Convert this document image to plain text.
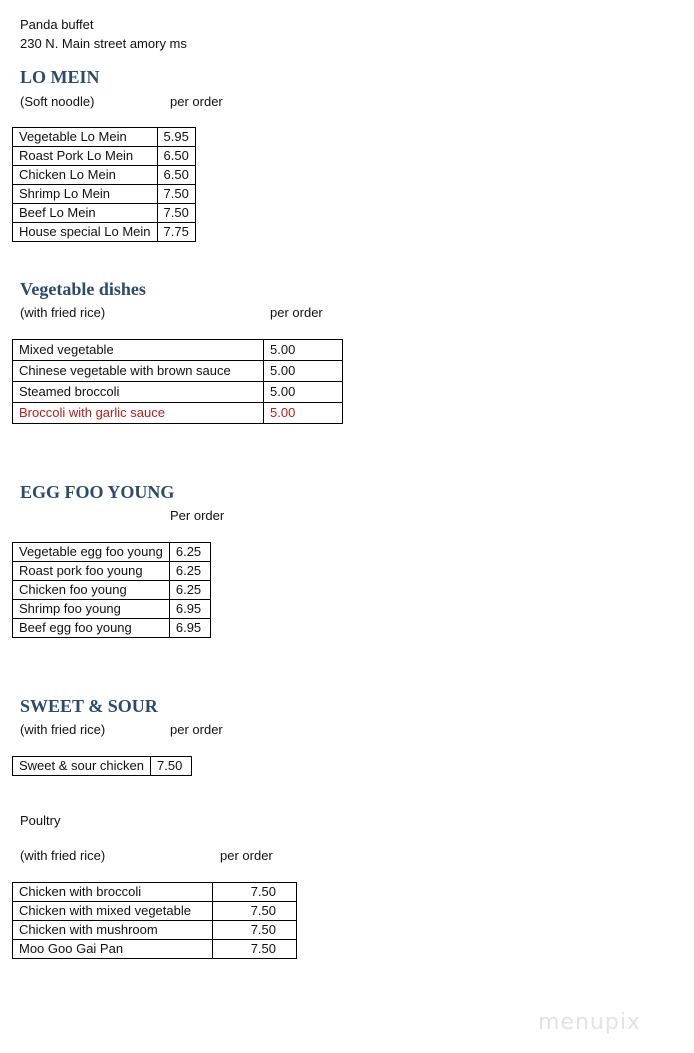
Panda buffet
230 N. Main street amory ms
LO MEIN
(Soft noodle)	per order
Vegetable Lo Mein	5.95
Roast Pork Lo Mein	6.50
Chicken Lo Mein	6.50
Shrimp Lo Mein	7.50
Beef Lo Mein	7.50
House special Lo Mein	7.75
Vegetable dishes
(with fried rice)	per order
Mixed vegetable	5.00
Chinese vegetable with brown sauce	5.00
Steamed broccoli	5.00
Broccoli with garlic sauce	5.00
EGG FOO YOUNG
Per order
Vegetable egg foo young	6.25
Roast pork foo young	6.25
Chicken foo young	6.25
Shrimp foo young	6.95
Beef egg foo young	6.95
SWEET & SOUR
(with fried rice)	per order
Sweet & sour chicken	7.50
Poultry
(with fried rice)	per order
Chicken with broccoli	7.50
Chicken with mixed vegetable	7.50
Chicken with mushroom	7.50
Moo Goo Gai Pan	7.50
menupix
